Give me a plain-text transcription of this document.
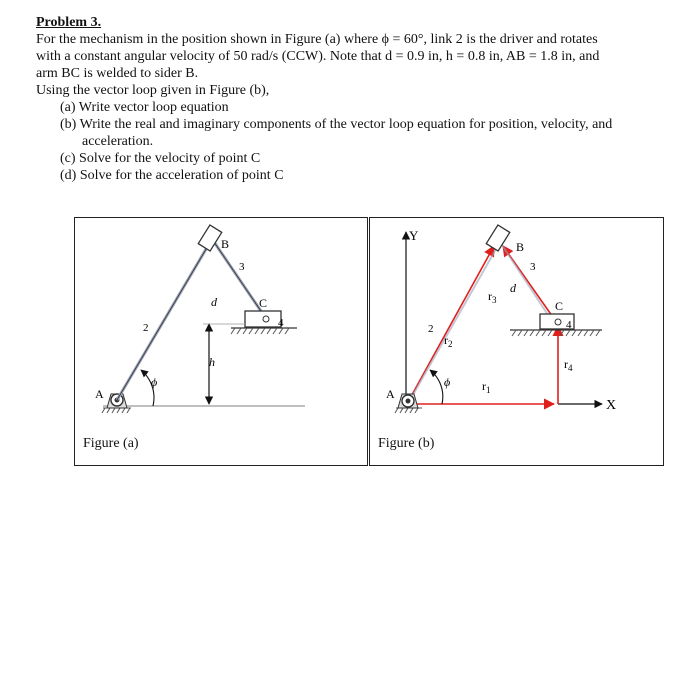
Problem 3.
For the mechanism in the position shown in Figure (a) where ϕ = 60°, link 2 is the driver and rotates
with a constant angular velocity of 50 rad/s (CCW). Note that d = 0.9 in, h = 0.8 in, AB = 1.8 in, and
arm BC is welded to sider B.
Using the vector loop given in Figure (b),
(a) Write vector loop equation
(b) Write the real and imaginary components of the vector loop equation for position, velocity, and
acceleration.
(c) Solve for the velocity of point C
(d) Solve for the acceleration of point C
A
B
C
2
3
4
d
h
ϕ
Figure (a)
Y
X
A
B
C
2
3
4
d
ϕ
$r_2$
$r_3$
$r_4$
$r_1$
Figure (b)
